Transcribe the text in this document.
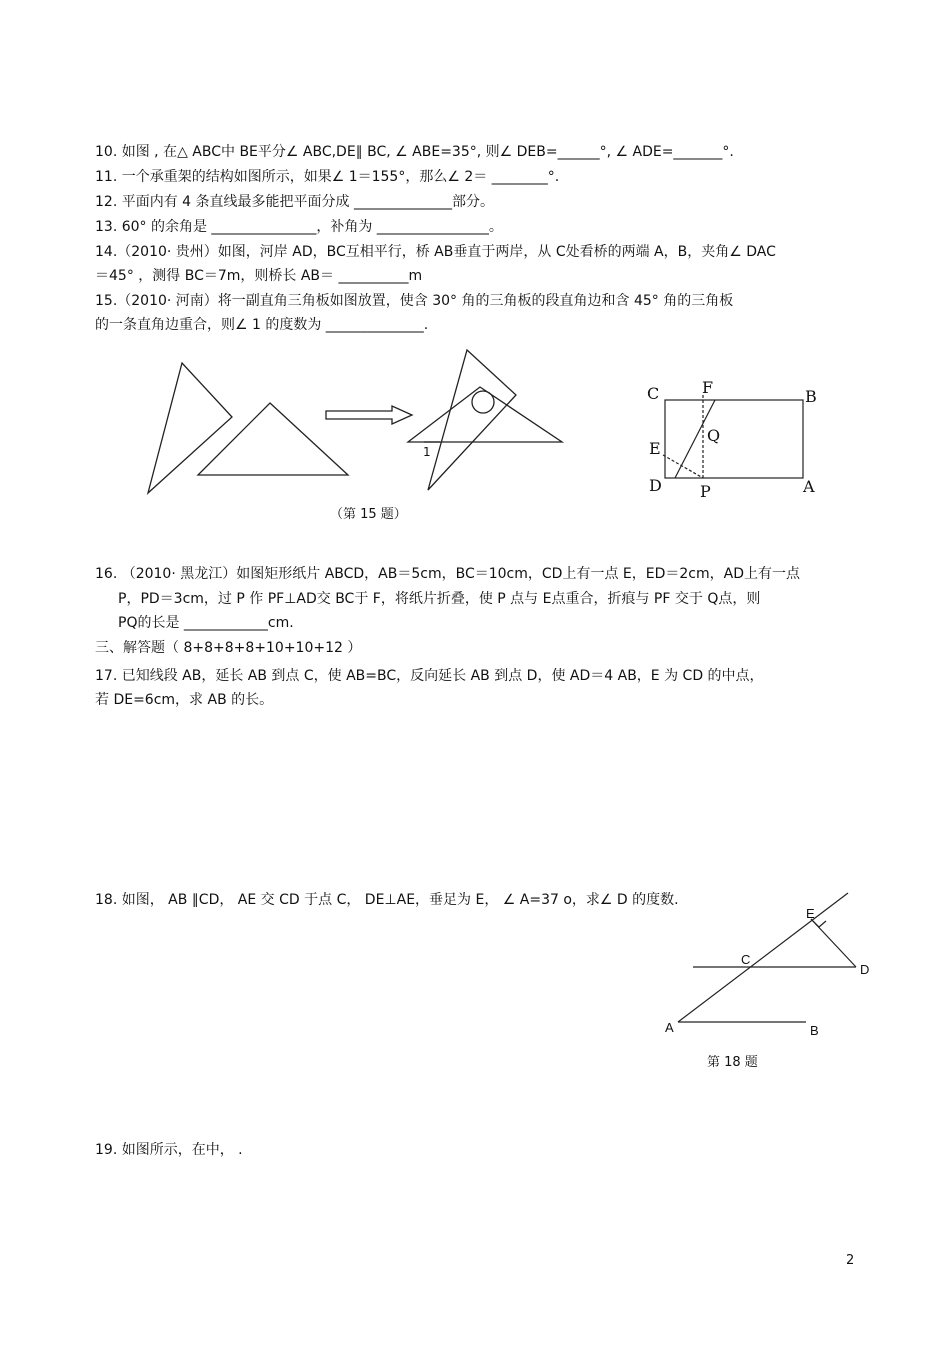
10. 如图 , 在△ ABC中 BE平分∠ ABC,DE∥ BC, ∠ ABE=35°, 则∠ DEB=______°, ∠ ADE=_______°.
11. 一个承重架的结构如图所示，如果∠ 1＝155°，那么∠ 2＝ ________°.
12. 平面内有 4 条直线最多能把平面分成 ______________部分。
13. 60° 的余角是 _______________，补角为 ________________。
14.（2010· 贵州）如图，河岸 AD，BC互相平行，桥 AB垂直于两岸，从 C处看桥的两端 A，B，夹角∠ DAC
＝45° ，测得 BC＝7m，则桥长 AB＝ __________m
15.（2010· 河南）将一副直角三角板如图放置，使含 30° 角的三角板的段直角边和含 45° 角的三角板
的一条直角边重合，则∠ 1 的度数为 ______________.
1
（第 15 题）
C	F	B
Q
E
D P	A
16. （2010· 黑龙江）如图矩形纸片 ABCD，AB＝5cm，BC＝10cm，CD上有一点 E，ED＝2cm，AD上有一点
P，PD＝3cm，过 P 作 PF⊥AD交 BC于 F，将纸片折叠，使 P 点与 E点重合，折痕与 PF 交于 Q点，则
PQ的长是 ____________cm.
三、解答题（ 8+8+8+8+10+10+12 ）
17. 已知线段 AB，延长 AB 到点 C，使 AB=BC，反向延长 AB 到点 D，使 AD＝4 AB，E 为 CD 的中点，
若 DE=6cm，求 AB 的长。
18. 如图， AB ∥CD， AE 交 CD 于点 C， DE⊥AE，垂足为 E， ∠ A=37 o，求∠ D 的度数.
E
C
D
A	B
第 18 题
19. 如图所示，在中， .
2
